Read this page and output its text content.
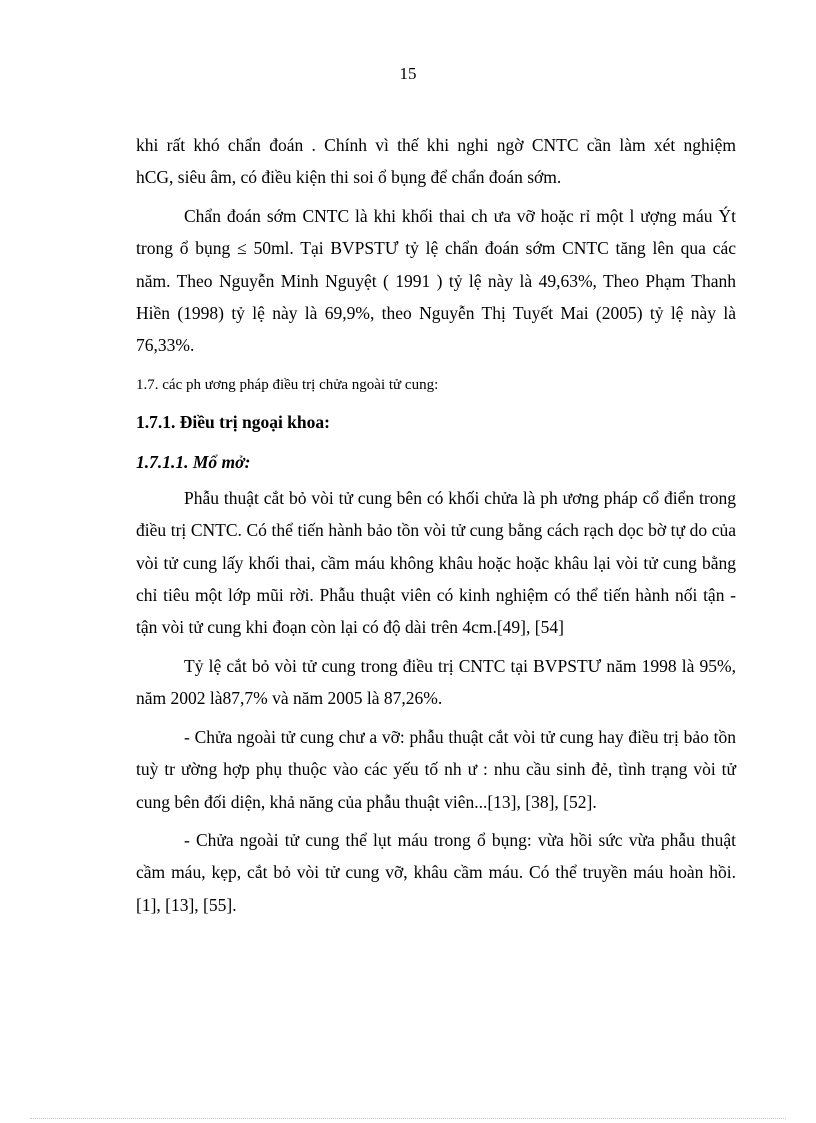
15

khi rất khó chẩn đoán . Chính vì thế khi nghi ngờ CNTC cần làm xét nghiệm

hCG, siêu âm, có điều kiện thi soi ổ bụng để chẩn đoán sớm.

Chẩn đoán sớm CNTC là khi khối thai ch ưa vỡ hoặc rỉ một l ượng máu Ýt trong ổ bụng ≤ 50ml. Tại BVPSTƯ tỷ lệ chẩn đoán sớm CNTC tăng lên qua các năm. Theo Nguyễn Minh Nguyệt ( 1991 ) tỷ lệ này là 49,63%, Theo Phạm Thanh Hiền (1998) tỷ lệ này là 69,9%, theo Nguyễn Thị Tuyết Mai (2005) tỷ lệ này là 76,33%.

1.7. các ph ương pháp điều trị chửa ngoài tử cung:

1.7.1. Điều trị ngoại khoa:

1.7.1.1. Mổ mở:

Phẫu thuật cắt bỏ vòi tử cung bên có khối chửa là ph ương pháp cổ điển trong điều trị CNTC. Có thể tiến hành bảo tồn vòi tử cung bằng cách rạch dọc bờ tự do của vòi tử cung lấy khối thai, cầm máu không khâu hoặc hoặc khâu lại vòi tử cung bằng chỉ tiêu một lớp mũi rời. Phẫu thuật viên có kinh nghiệm có thể tiến hành nối tận - tận vòi tử cung khi đoạn còn lại có độ dài trên 4cm.[49], [54]

Tỷ lệ cắt bỏ vòi tử cung trong điều trị CNTC tại BVPSTƯ năm 1998 là 95%, năm 2002 là87,7% và năm 2005 là 87,26%.

- Chửa ngoài tử cung chư a vỡ: phẫu thuật cắt vòi tử cung hay điều trị bảo tồn tuỳ tr ường hợp phụ thuộc vào các yếu tố nh ư : nhu cầu sinh đẻ, tình trạng vòi tử cung bên đối diện, khả năng của phẫu thuật viên...[13], [38], [52].

- Chửa ngoài tử cung thể lụt máu trong ổ bụng: vừa hồi sức vừa phẫu thuật cầm máu, kẹp, cắt bỏ vòi tử cung vỡ, khâu cầm máu. Có thể truyền máu hoàn hồi. [1], [13], [55].
